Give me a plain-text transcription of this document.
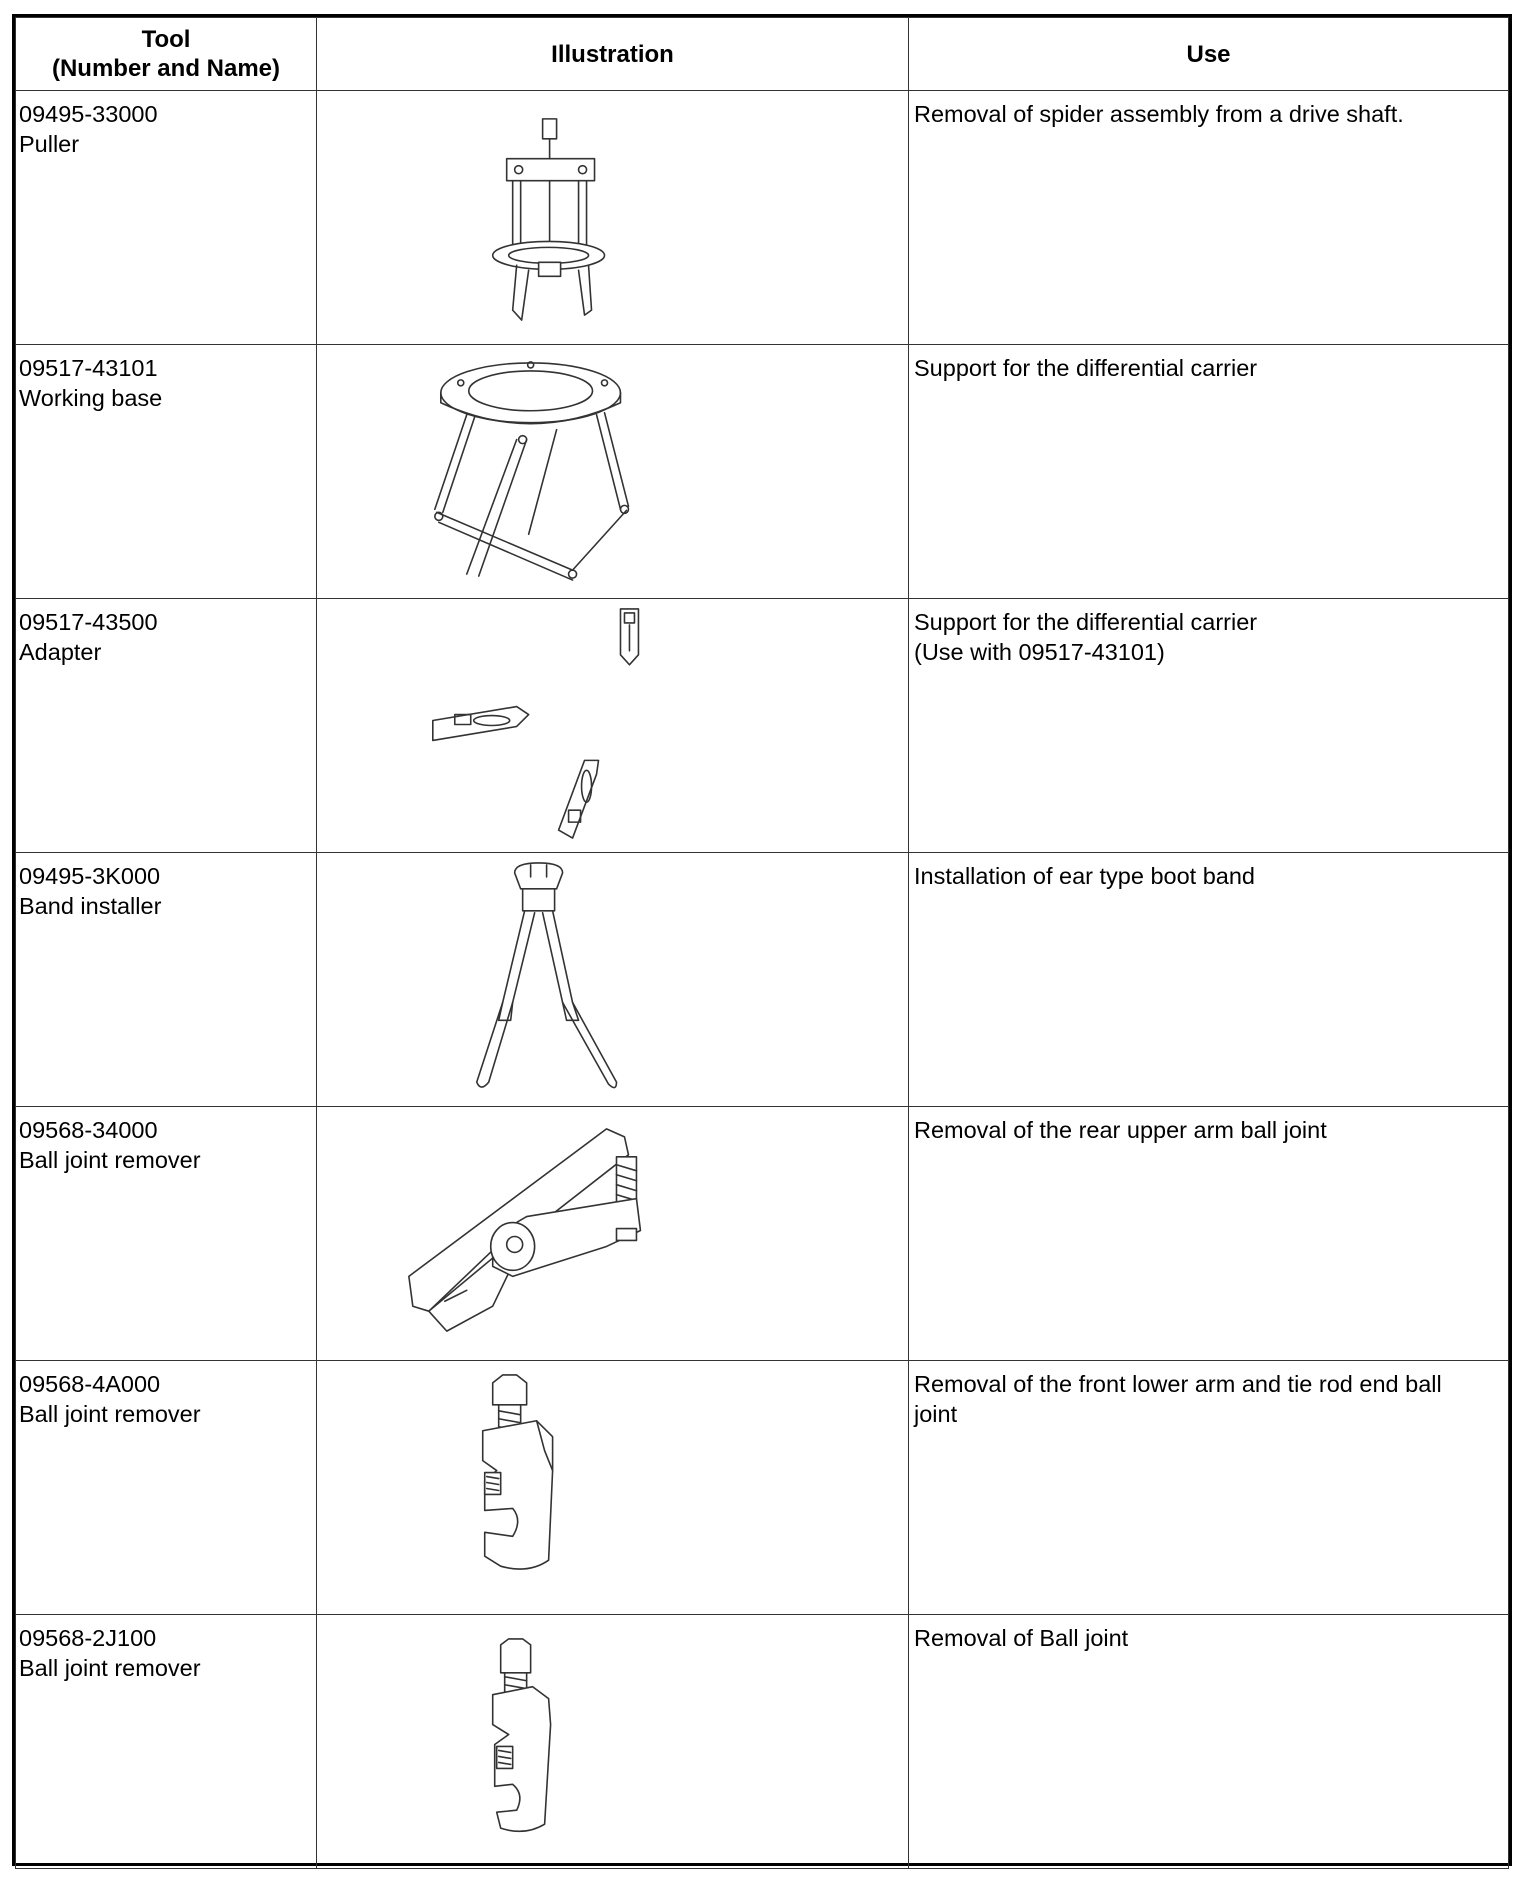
Tool
(Number and Name)	Illustration	Use

09495-33000
Puller		Removal of spider assembly from a drive shaft.

09517-43101
Working base		Support for the differential carrier

09517-43500
Adapter		Support for the differential carrier
(Use with 09517-43101)

09495-3K000
Band installer		Installation of ear type boot band

09568-34000
Ball joint remover		Removal of the rear upper arm ball joint

09568-4A000
Ball joint remover		Removal of the front lower arm and tie rod end ball
joint

09568-2J100
Ball joint remover		Removal of Ball joint
